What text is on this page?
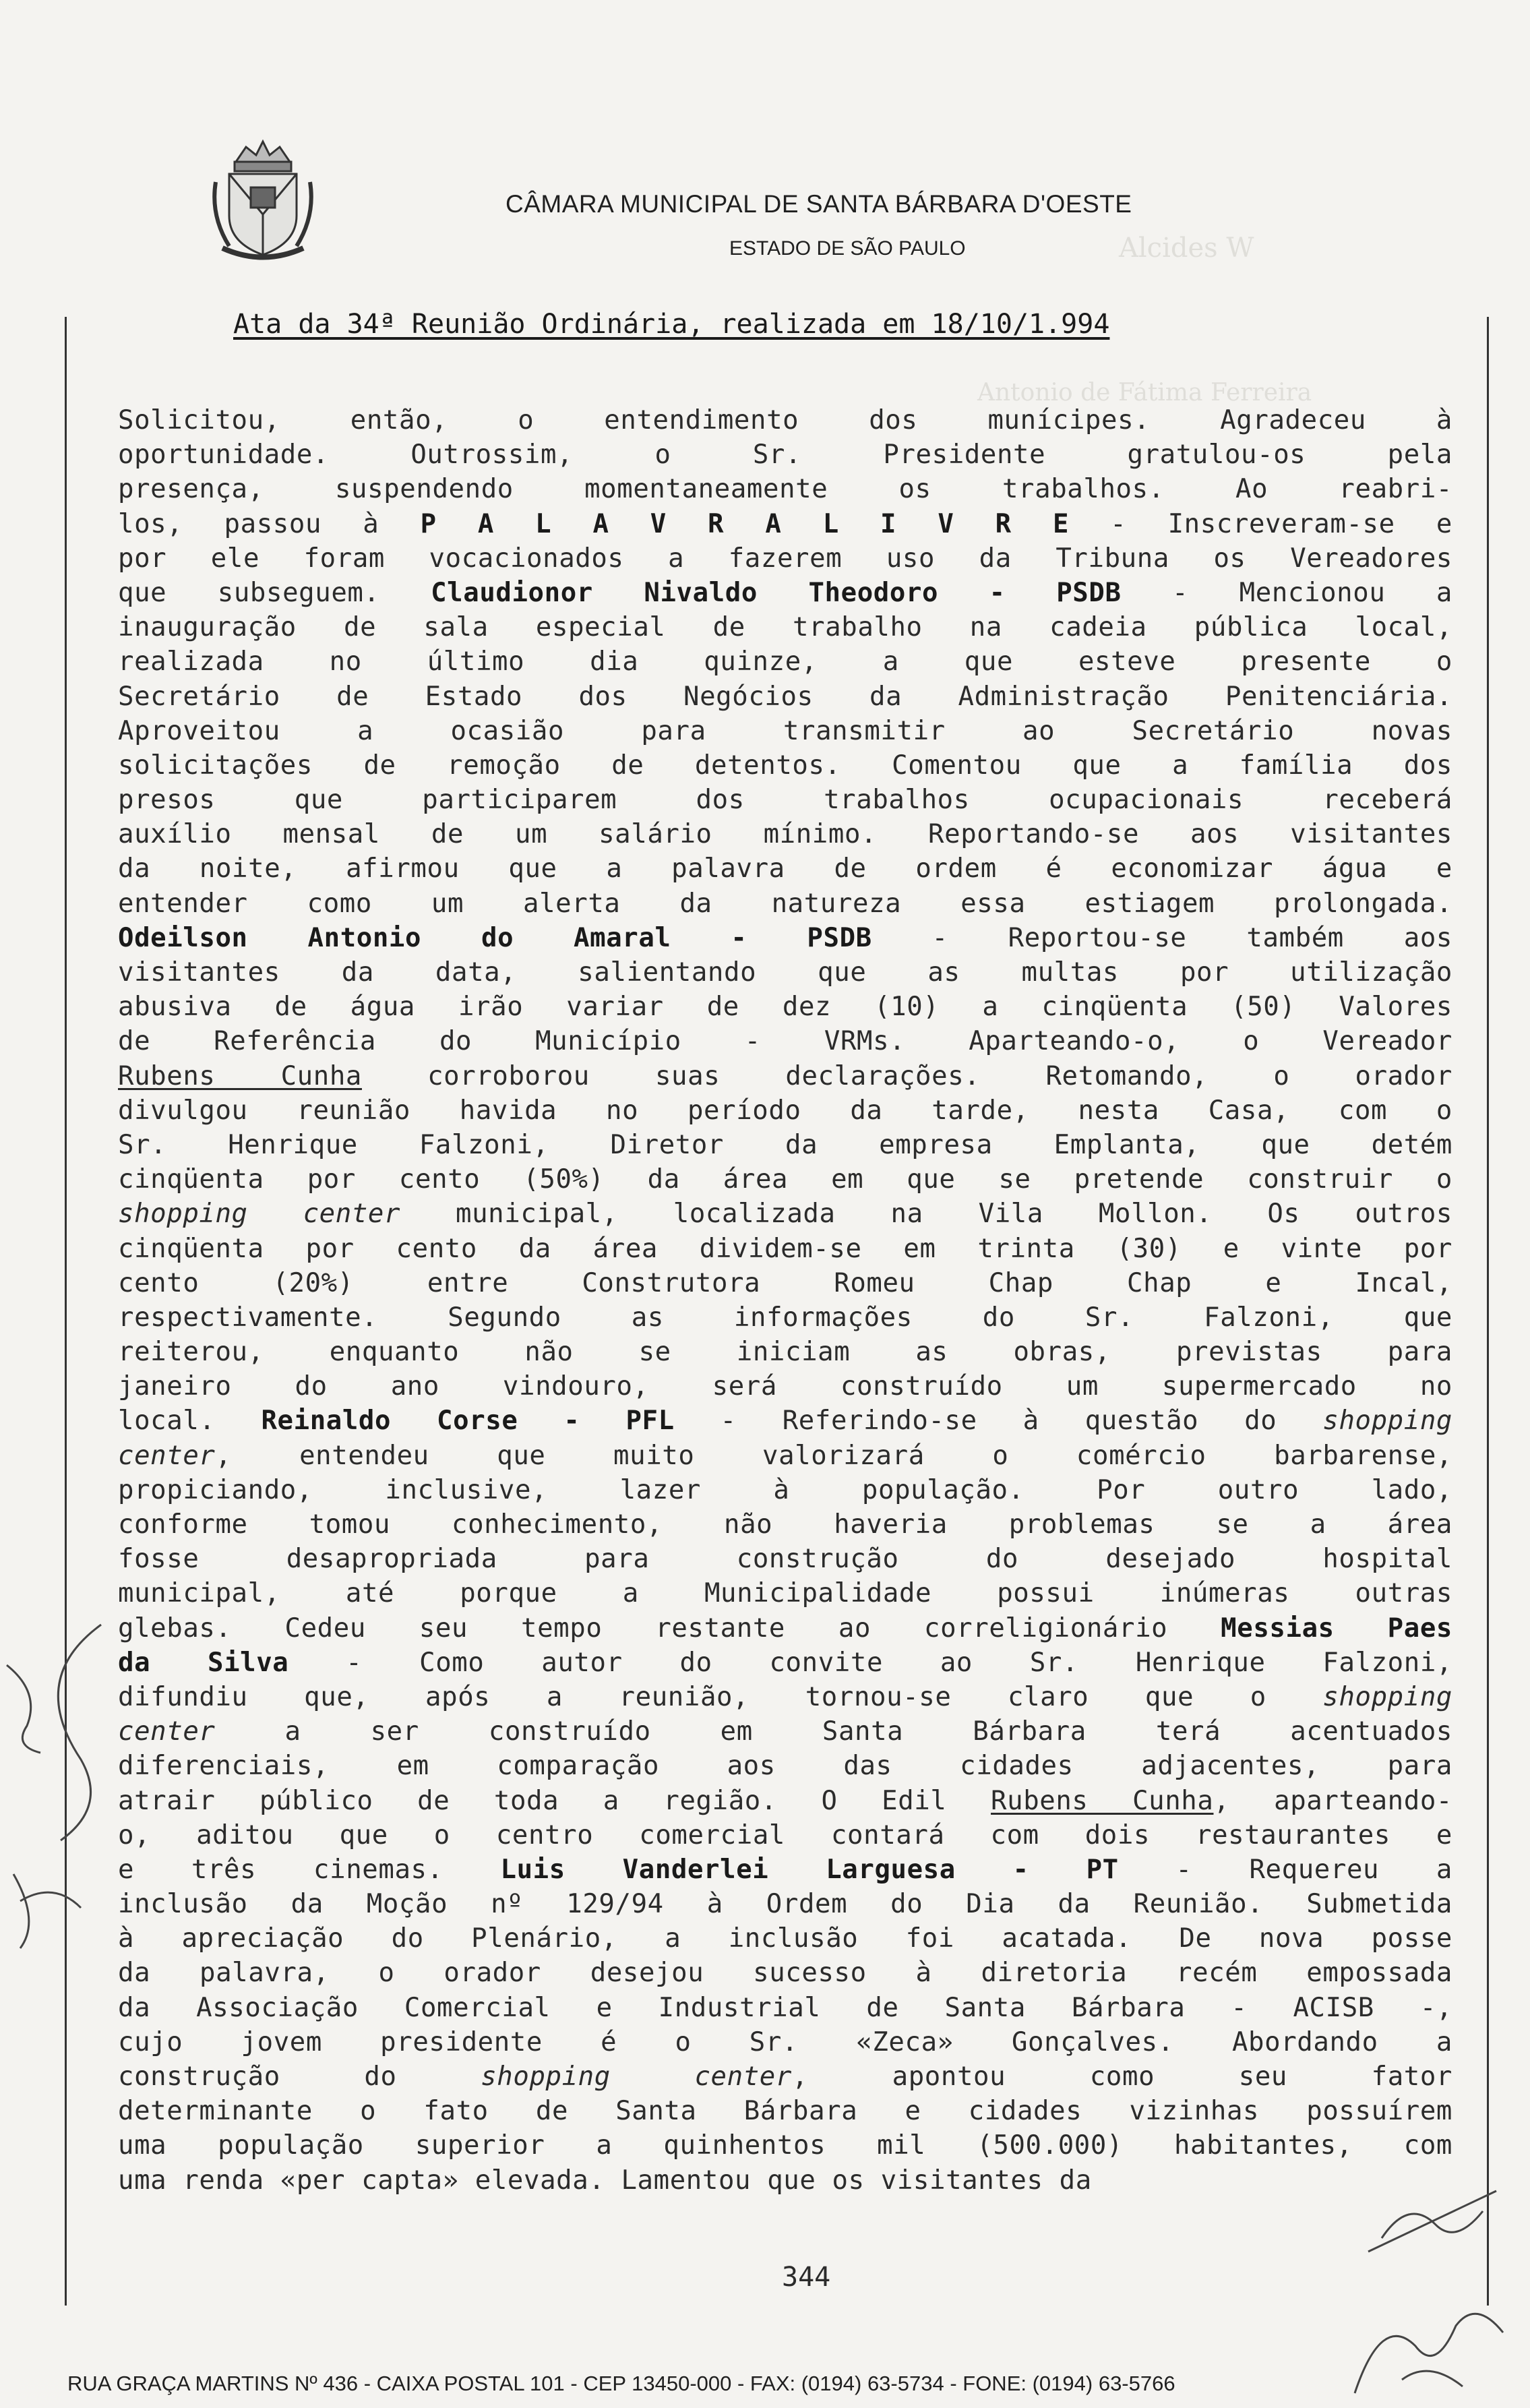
Alcides W
Antonio de Fátima Ferreira
CÂMARA MUNICIPAL DE SANTA BÁRBARA D'OESTE
ESTADO DE SÃO PAULO
Ata da 34ª Reunião Ordinária, realizada em 18/10/1.994
Solicitou, então, o entendimento dos munícipes. Agradeceu à
oportunidade. Outrossim, o Sr. Presidente gratulou-os pela
presença, suspendendo momentaneamente os trabalhos. Ao reabri-
los, passou à P A L A V R A L I V R E - Inscreveram-se e
por ele foram vocacionados a fazerem uso da Tribuna os Vereadores
que subseguem. Claudionor Nivaldo Theodoro - PSDB - Mencionou a
inauguração de sala especial de trabalho na cadeia pública local,
realizada no último dia quinze, a que esteve presente o
Secretário de Estado dos Negócios da Administração Penitenciária.
Aproveitou a ocasião para transmitir ao Secretário novas
solicitações de remoção de detentos. Comentou que a família dos
presos que participarem dos trabalhos ocupacionais receberá
auxílio mensal de um salário mínimo. Reportando-se aos visitantes
da noite, afirmou que a palavra de ordem é economizar água e
entender como um alerta da natureza essa estiagem prolongada.
Odeilson Antonio do Amaral - PSDB - Reportou-se também aos
visitantes da data, salientando que as multas por utilização
abusiva de água irão variar de dez (10) a cinqüenta (50) Valores
de Referência do Município - VRMs. Aparteando-o, o Vereador
Rubens Cunha corroborou suas declarações. Retomando, o orador
divulgou reunião havida no período da tarde, nesta Casa, com o
Sr. Henrique Falzoni, Diretor da empresa Emplanta, que detém
cinqüenta por cento (50%) da área em que se pretende construir o
shopping center municipal, localizada na Vila Mollon. Os outros
cinqüenta por cento da área dividem-se em trinta (30) e vinte por
cento (20%) entre Construtora Romeu Chap Chap e Incal,
respectivamente. Segundo as informações do Sr. Falzoni, que
reiterou, enquanto não se iniciam as obras, previstas para
janeiro do ano vindouro, será construído um supermercado no
local. Reinaldo Corse - PFL - Referindo-se à questão do shopping
center, entendeu que muito valorizará o comércio barbarense,
propiciando, inclusive, lazer à população. Por outro lado,
conforme tomou conhecimento, não haveria problemas se a área
fosse desapropriada para construção do desejado hospital
municipal, até porque a Municipalidade possui inúmeras outras
glebas. Cedeu seu tempo restante ao correligionário Messias Paes
da Silva - Como autor do convite ao Sr. Henrique Falzoni,
difundiu que, após a reunião, tornou-se claro que o shopping
center a ser construído em Santa Bárbara terá acentuados
diferenciais, em comparação aos das cidades adjacentes, para
atrair público de toda a região. O Edil Rubens Cunha, aparteando-
o, aditou que o centro comercial contará com dois restaurantes e
e três cinemas. Luis Vanderlei Larguesa - PT - Requereu a
inclusão da Moção nº 129/94 à Ordem do Dia da Reunião. Submetida
à apreciação do Plenário, a inclusão foi acatada. De nova posse
da palavra, o orador desejou sucesso à diretoria recém empossada
da Associação Comercial e Industrial de Santa Bárbara - ACISB -,
cujo jovem presidente é o Sr. «Zeca» Gonçalves. Abordando a
construção do shopping center, apontou como seu fator
determinante o fato de Santa Bárbara e cidades vizinhas possuírem
uma população superior a quinhentos mil (500.000) habitantes, com
uma renda «per capta» elevada. Lamentou que os visitantes da
344
RUA GRAÇA MARTINS Nº 436 - CAIXA POSTAL 101 - CEP 13450-000 - FAX: (0194) 63-5734 - FONE: (0194) 63-5766
